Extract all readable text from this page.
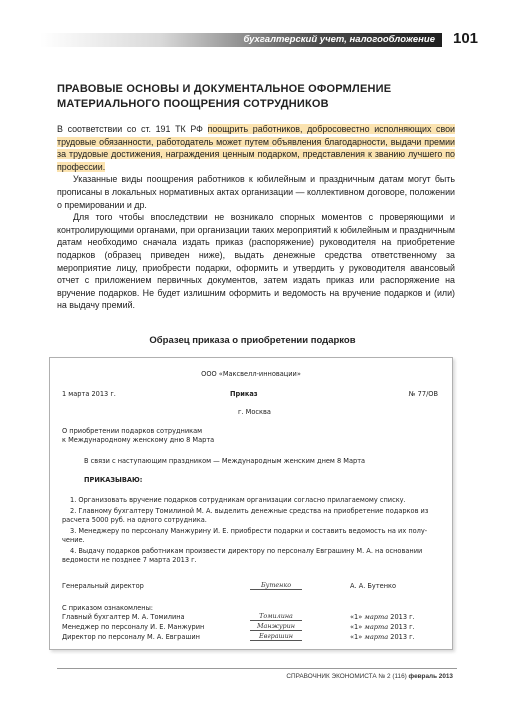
бухгалтерский учет, налогообложение 101
ПРАВОВЫЕ ОСНОВЫ И ДОКУМЕНТАЛЬНОЕ ОФОРМЛЕНИЕ
МАТЕРИАЛЬНОГО ПООЩРЕНИЯ СОТРУДНИКОВ

В соответствии со ст. 191 ТК РФ поощрить работников, добросовестно исполняющих свои трудовые обязанности, работодатель может путем объявления благодарности, выдачи премии за трудовые достижения, награждения ценным подарком, представления к званию лучшего по профессии.

Указанные виды поощрения работников к юбилейным и праздничным датам могут быть прописаны в локальных нормативных актах организации — коллективном договоре, положении о премировании и др.

Для того чтобы впоследствии не возникало спорных моментов с проверяющими и контролирующими органами, при организации таких мероприятий к юбилейным и праздничным датам необходимо сначала издать приказ (распоряжение) руководителя на приобретение подарков (образец приведен ниже), выдать денежные средства ответственному за мероприятие лицу, приобрести подарки, оформить и утвердить у руководителя авансовый отчет с приложением первичных документов, затем издать приказ или распоряжение на вручение подарков. Не будет излишним оформить и ведомость на вручение подарков и (или) на выдачу премий.

Образец приказа о приобретении подарков
ООО «Максвелл-инновации»
1 марта 2013 г.	Приказ	№ 77/ОВ
г. Москва
О приобретении подарков сотрудникам
к Международному женскому дню 8 Марта
В связи с наступающим праздником — Международным женским днем 8 Марта
ПРИКАЗЫВАЮ:
1. Организовать вручение подарков сотрудникам организации согласно прилагаемому списку.
2. Главному бухгалтеру Томилиной М. А. выделить денежные средства на приобретение подарков из
расчета 5000 руб. на одного сотрудника.
3. Менеджеру по персоналу Манжурину И. Е. приобрести подарки и составить ведомость на их полу-
чение.
4. Выдачу подарков работникам произвести директору по персоналу Евграшину М. А. на основании
ведомости не позднее 7 марта 2013 г.
Генеральный директор	Бутенко	А. А. Бутенко
С приказом ознакомлены:
Главный бухгалтер М. А. Томилина	Томилина	«1» марта 2013 г.
Менеджер по персоналу И. Е. Манжурин	Манжурин	«1» марта 2013 г.
Директор по персоналу М. А. Евграшин	Евграшин	«1» марта 2013 г.
СПРАВОЧНИК ЭКОНОМИСТА № 2 (116) февраль 2013
